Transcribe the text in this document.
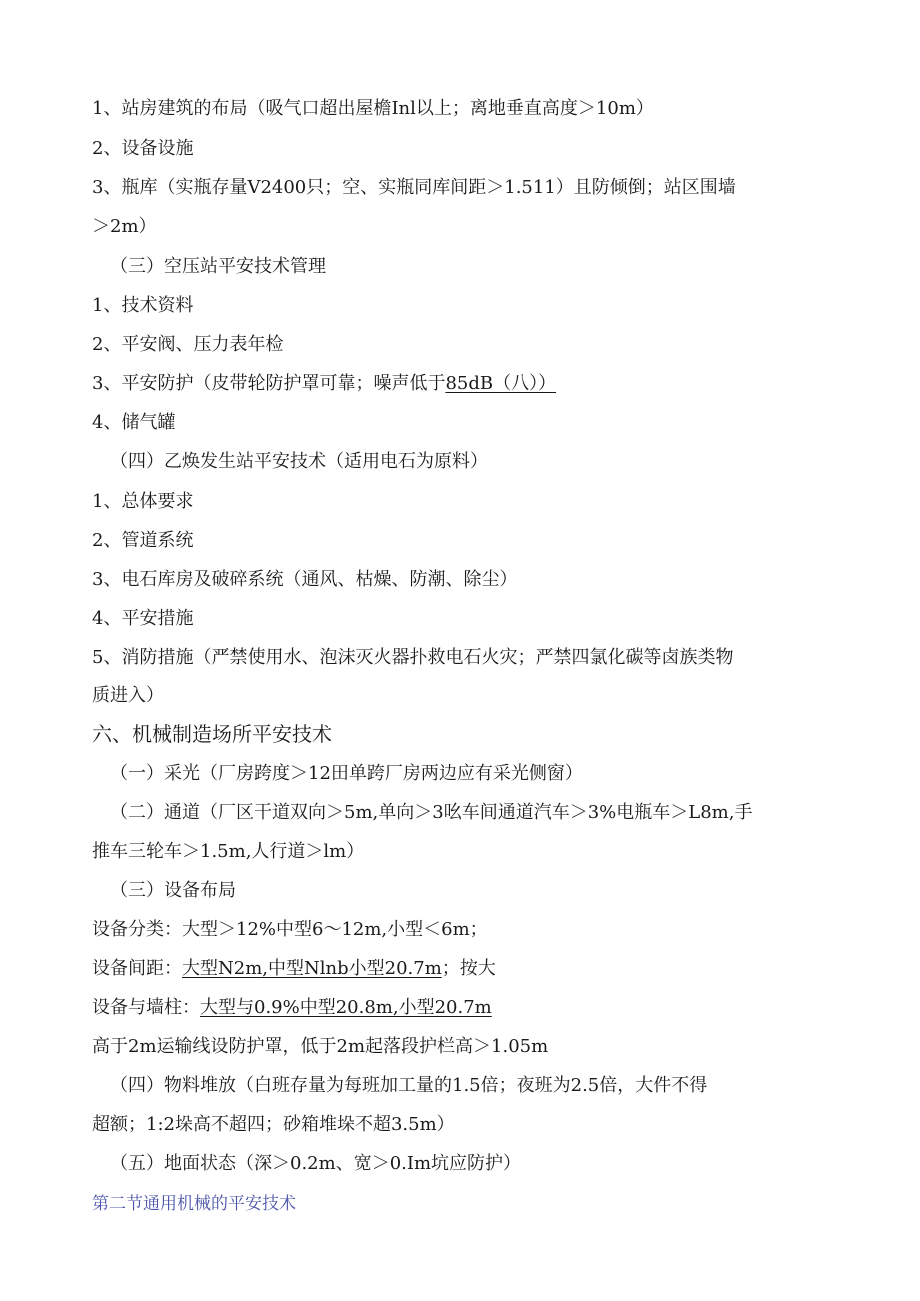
1、站房建筑的布局（吸气口超出屋檐Inl以上；离地垂直高度＞10m）
2、设备设施
3、瓶库（实瓶存量V2400只；空、实瓶同库间距＞1.511）且防倾倒；站区围墙
＞2m）
（三）空压站平安技术管理
1、技术资料
2、平安阀、压力表年检
3、平安防护（皮带轮防护罩可靠；噪声低于85dB（八））
4、储气罐
（四）乙焕发生站平安技术（适用电石为原料）
1、总体要求
2、管道系统
3、电石库房及破碎系统（通风、枯燥、防潮、除尘）
4、平安措施
5、消防措施（严禁使用水、泡沫灭火器扑救电石火灾；严禁四氯化碳等卤族类物
质进入）
六、机械制造场所平安技术
（一）采光（厂房跨度＞12田单跨厂房两边应有采光侧窗）
（二）通道（厂区干道双向＞5m,单向＞3吆车间通道汽车＞3%电瓶车＞L8m,手
推车三轮车＞1.5m,人行道＞lm）
（三）设备布局
设备分类：大型＞12%中型6～12m,小型＜6m；
设备间距：大型N2m,中型Nlnb小型20.7m；按大
设备与墙柱：大型与0.9%中型20.8m,小型20.7m
高于2m运输线设防护罩，低于2m起落段护栏高＞1.05m
（四）物料堆放（白班存量为每班加工量的1.5倍；夜班为2.5倍，大件不得
超额；1:2垛高不超四；砂箱堆垛不超3.5m）
（五）地面状态（深＞0.2m、宽＞0.Im坑应防护）
第二节通用机械的平安技术
